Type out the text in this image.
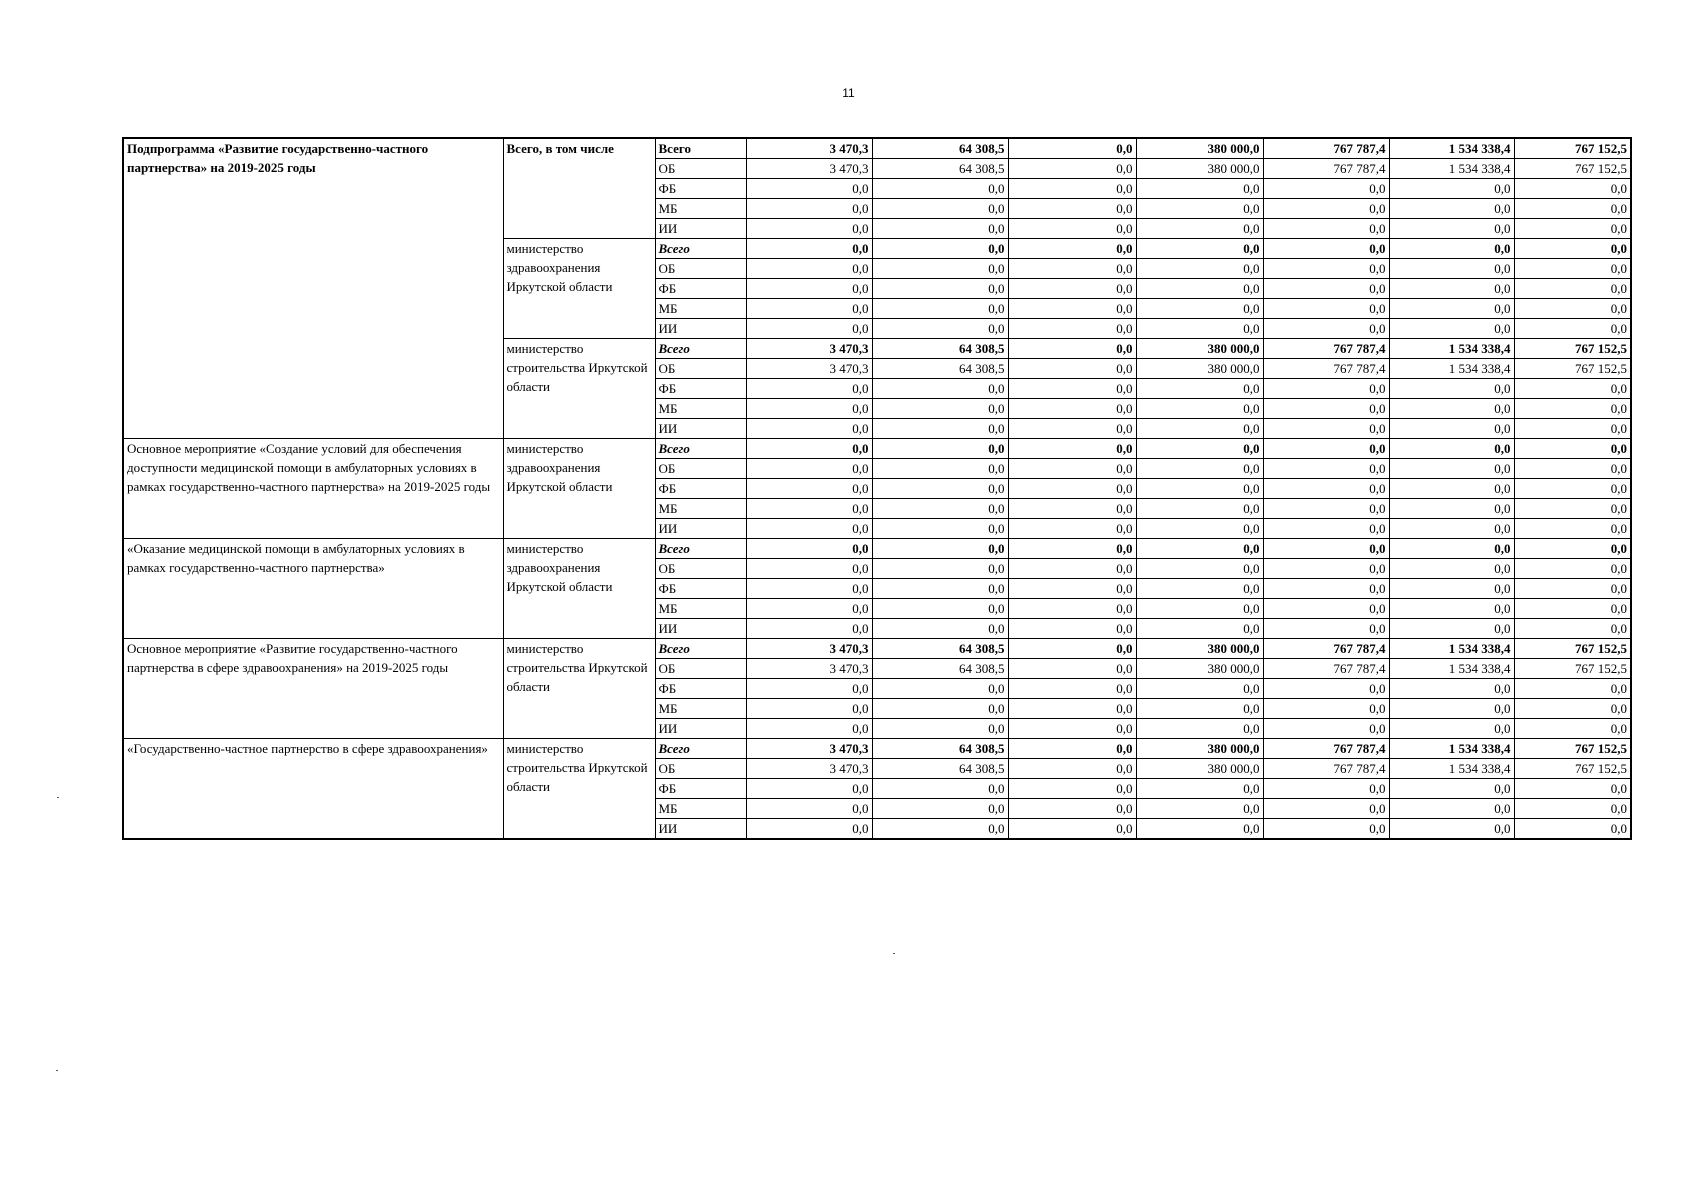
11
Подпрограмма «Развитие государственно-частного партнерства» на 2019-2025 годы	Всего, в том числе	Всего	3 470,3	64 308,5	0,0	380 000,0	767 787,4	1 534 338,4	767 152,5
		ОБ	3 470,3	64 308,5	0,0	380 000,0	767 787,4	1 534 338,4	767 152,5
		ФБ	0,0	0,0	0,0	0,0	0,0	0,0	0,0
		МБ	0,0	0,0	0,0	0,0	0,0	0,0	0,0
		ИИ	0,0	0,0	0,0	0,0	0,0	0,0	0,0
	министерство здравоохранения Иркутской области	Всего	0,0	0,0	0,0	0,0	0,0	0,0	0,0
		ОБ	0,0	0,0	0,0	0,0	0,0	0,0	0,0
		ФБ	0,0	0,0	0,0	0,0	0,0	0,0	0,0
		МБ	0,0	0,0	0,0	0,0	0,0	0,0	0,0
		ИИ	0,0	0,0	0,0	0,0	0,0	0,0	0,0
	министерство строительства Иркутской области	Всего	3 470,3	64 308,5	0,0	380 000,0	767 787,4	1 534 338,4	767 152,5
		ОБ	3 470,3	64 308,5	0,0	380 000,0	767 787,4	1 534 338,4	767 152,5
		ФБ	0,0	0,0	0,0	0,0	0,0	0,0	0,0
		МБ	0,0	0,0	0,0	0,0	0,0	0,0	0,0
		ИИ	0,0	0,0	0,0	0,0	0,0	0,0	0,0
Основное мероприятие «Создание условий для обеспечения доступности медицинской помощи в амбулаторных условиях в рамках государственно-частного партнерства» на 2019-2025 годы	министерство здравоохранения Иркутской области	Всего	0,0	0,0	0,0	0,0	0,0	0,0	0,0
		ОБ	0,0	0,0	0,0	0,0	0,0	0,0	0,0
		ФБ	0,0	0,0	0,0	0,0	0,0	0,0	0,0
		МБ	0,0	0,0	0,0	0,0	0,0	0,0	0,0
		ИИ	0,0	0,0	0,0	0,0	0,0	0,0	0,0
«Оказание медицинской помощи в амбулаторных условиях в рамках государственно-частного партнерства»	министерство здравоохранения Иркутской области	Всего	0,0	0,0	0,0	0,0	0,0	0,0	0,0
		ОБ	0,0	0,0	0,0	0,0	0,0	0,0	0,0
		ФБ	0,0	0,0	0,0	0,0	0,0	0,0	0,0
		МБ	0,0	0,0	0,0	0,0	0,0	0,0	0,0
		ИИ	0,0	0,0	0,0	0,0	0,0	0,0	0,0
Основное мероприятие «Развитие государственно-частного партнерства в сфере здравоохранения» на 2019-2025 годы	министерство строительства Иркутской области	Всего	3 470,3	64 308,5	0,0	380 000,0	767 787,4	1 534 338,4	767 152,5
		ОБ	3 470,3	64 308,5	0,0	380 000,0	767 787,4	1 534 338,4	767 152,5
		ФБ	0,0	0,0	0,0	0,0	0,0	0,0	0,0
		МБ	0,0	0,0	0,0	0,0	0,0	0,0	0,0
		ИИ	0,0	0,0	0,0	0,0	0,0	0,0	0,0
«Государственно-частное партнерство в сфере здравоохранения»	министерство строительства Иркутской области	Всего	3 470,3	64 308,5	0,0	380 000,0	767 787,4	1 534 338,4	767 152,5
		ОБ	3 470,3	64 308,5	0,0	380 000,0	767 787,4	1 534 338,4	767 152,5
		ФБ	0,0	0,0	0,0	0,0	0,0	0,0	0,0
		МБ	0,0	0,0	0,0	0,0	0,0	0,0	0,0
		ИИ	0,0	0,0	0,0	0,0	0,0	0,0	0,0
